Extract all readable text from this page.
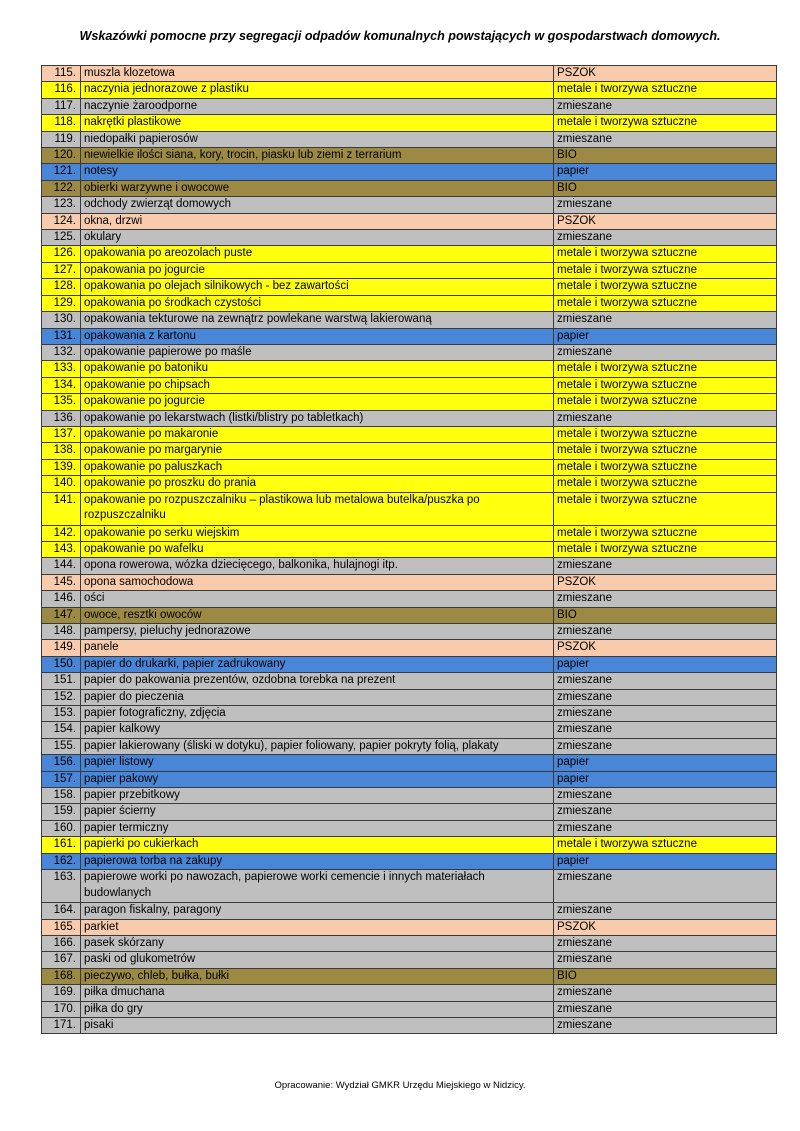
Wskazówki pomocne przy segregacji odpadów komunalnych powstających w gospodarstwach domowych.
115.	muszla klozetowa	PSZOK
116.	naczynia jednorazowe z plastiku	metale i tworzywa sztuczne
117.	naczynie żaroodporne	zmieszane
118.	nakrętki plastikowe	metale i tworzywa sztuczne
119.	niedopałki papierosów	zmieszane
120.	niewielkie ilości siana, kory, trocin, piasku lub ziemi z terrarium	BIO
121.	notesy	papier
122.	obierki warzywne i owocowe	BIO
123.	odchody zwierząt domowych	zmieszane
124.	okna, drzwi	PSZOK
125.	okulary	zmieszane
126.	opakowania po areozolach puste	metale i tworzywa sztuczne
127.	opakowania po jogurcie	metale i tworzywa sztuczne
128.	opakowania po olejach silnikowych - bez zawartości	metale i tworzywa sztuczne
129.	opakowania po środkach czystości	metale i tworzywa sztuczne
130.	opakowania tekturowe na zewnątrz powlekane warstwą lakierowaną	zmieszane
131.	opakowania z kartonu	papier
132.	opakowanie papierowe po maśle	zmieszane
133.	opakowanie po batoniku	metale i tworzywa sztuczne
134.	opakowanie po chipsach	metale i tworzywa sztuczne
135.	opakowanie po jogurcie	metale i tworzywa sztuczne
136.	opakowanie po lekarstwach (listki/blistry po tabletkach)	zmieszane
137.	opakowanie po makaronie	metale i tworzywa sztuczne
138.	opakowanie po margarynie	metale i tworzywa sztuczne
139.	opakowanie po paluszkach	metale i tworzywa sztuczne
140.	opakowanie po proszku do prania	metale i tworzywa sztuczne
141.	opakowanie po rozpuszczalniku – plastikowa lub metalowa butelka/puszka po rozpuszczalniku	metale i tworzywa sztuczne
142.	opakowanie po serku wiejskim	metale i tworzywa sztuczne
143.	opakowanie po wafelku	metale i tworzywa sztuczne
144.	opona rowerowa, wózka dziecięcego, balkonika, hulajnogi itp.	zmieszane
145.	opona samochodowa	PSZOK
146.	ości	zmieszane
147.	owoce, resztki owoców	BIO
148.	pampersy, pieluchy jednorazowe	zmieszane
149.	panele	PSZOK
150.	papier do drukarki, papier zadrukowany	papier
151.	papier do pakowania prezentów, ozdobna torebka na prezent	zmieszane
152.	papier do pieczenia	zmieszane
153.	papier fotograficzny, zdjęcia	zmieszane
154.	papier kalkowy	zmieszane
155.	papier lakierowany (śliski w dotyku), papier foliowany, papier pokryty folią, plakaty	zmieszane
156.	papier listowy	papier
157.	papier pakowy	papier
158.	papier przebitkowy	zmieszane
159.	papier ścierny	zmieszane
160.	papier termiczny	zmieszane
161.	papierki po cukierkach	metale i tworzywa sztuczne
162.	papierowa torba na zakupy	papier
163.	papierowe worki po nawozach, papierowe worki cemencie i innych materiałach budowlanych	zmieszane
164.	paragon fiskalny, paragony	zmieszane
165.	parkiet	PSZOK
166.	pasek skórzany	zmieszane
167.	paski od glukometrów	zmieszane
168.	pieczywo, chleb, bułka, bułki	BIO
169.	piłka dmuchana	zmieszane
170.	piłka do gry	zmieszane
171.	pisaki	zmieszane

Opracowanie: Wydział GMKR Urzędu Miejskiego w Nidzicy.
